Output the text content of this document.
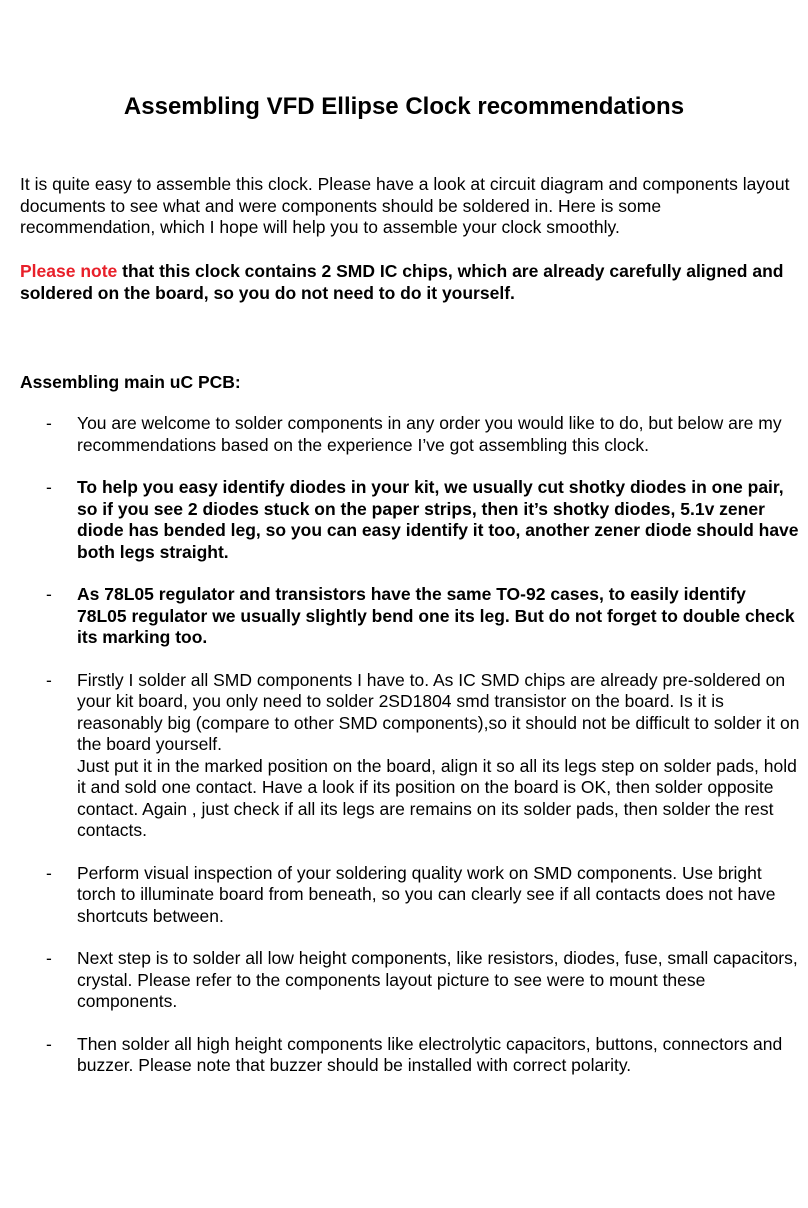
Assembling VFD Ellipse Clock recommendations

It is quite easy to assemble this clock. Please have a look at circuit diagram and components layout documents to see what and were components should be soldered in. Here is some recommendation, which I hope will help you to assemble your clock smoothly.

Please note that this clock contains 2 SMD IC chips, which are already carefully aligned and soldered on the board, so you do not need to do it yourself.

Assembling main uC PCB:

- You are welcome to solder components in any order you would like to do, but below are my recommendations based on the experience I’ve got assembling this clock.
- To help you easy identify diodes in your kit, we usually cut shotky diodes in one pair, so if you see 2 diodes stuck on the paper strips, then it’s shotky diodes, 5.1v zener diode has bended leg, so you can easy identify it too, another zener diode should have both legs straight.
- As 78L05 regulator and transistors have the same TO-92 cases, to easily identify 78L05 regulator we usually slightly bend one its leg. But do not forget to double check its marking too.
- Firstly I solder all SMD components I have to. As IC SMD chips are already pre-soldered on your kit board, you only need to solder 2SD1804 smd transistor on the board. Is it is reasonably big (compare to other SMD components),so it should not be difficult to solder it on the board yourself.
Just put it in the marked position on the board, align it so all its legs step on solder pads, hold it and sold one contact. Have a look if its position on the board is OK, then solder opposite contact. Again , just check if all its legs are remains on its solder pads, then solder the rest contacts.
- Perform visual inspection of your soldering quality work on SMD components. Use bright torch to illuminate board from beneath, so you can clearly see if all contacts does not have shortcuts between.
- Next step is to solder all low height components, like resistors, diodes, fuse, small capacitors, crystal. Please refer to the components layout picture to see were to mount these components.
- Then solder all high height components like electrolytic capacitors, buttons, connectors and buzzer. Please note that buzzer should be installed with correct polarity.
